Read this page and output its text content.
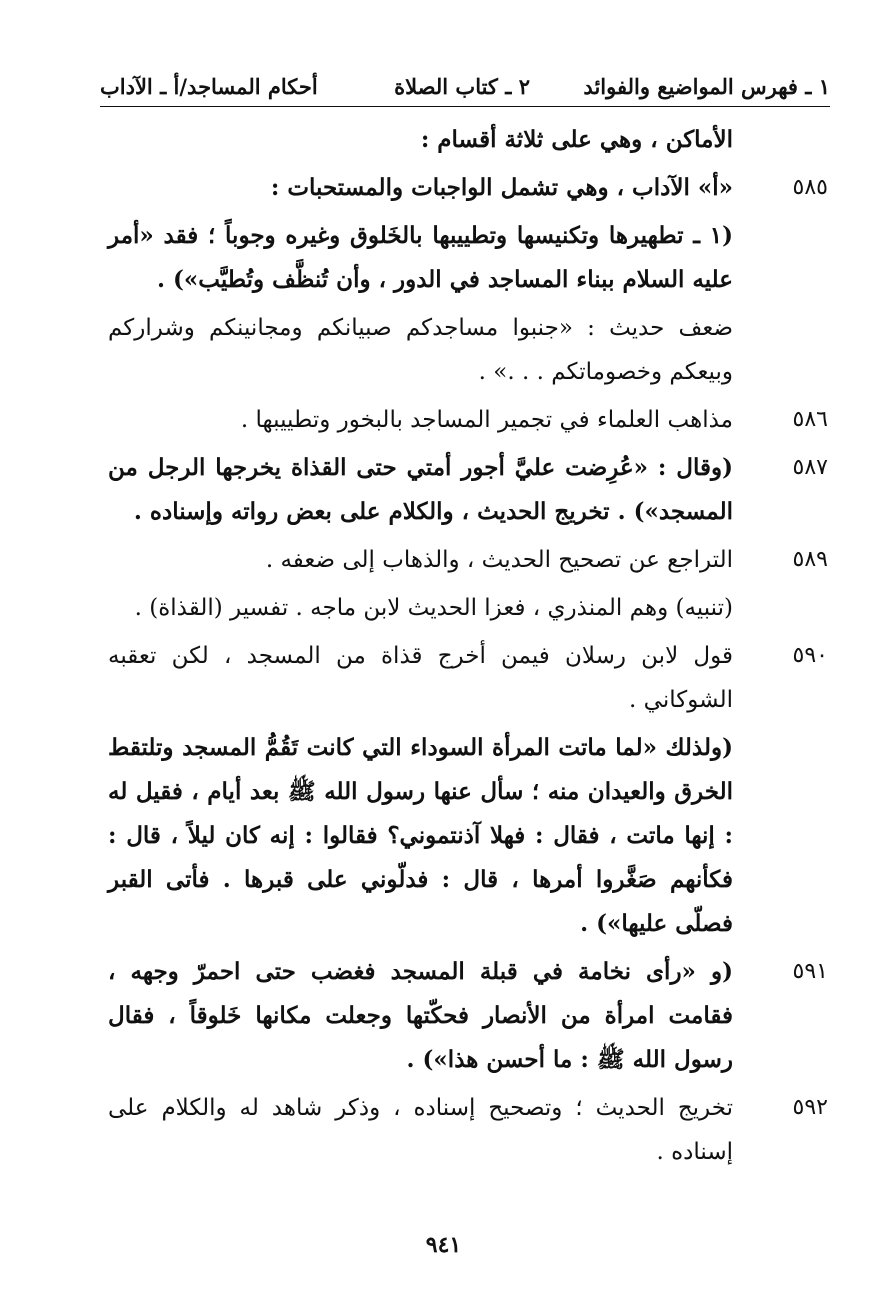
١ ـ فهرس المواضيع والفوائد
٢ ـ كتاب الصلاة
أحكام المساجد/أ ـ الآداب

الأماكن ، وهي على ثلاثة أقسام :

٥٨٥

«أ» الآداب ، وهي تشمل الواجبات والمستحبات :

(١ ـ تطهيرها وتكنيسها وتطييبها بالخَلوق وغيره وجوباً ؛ فقد «أمر عليه السلام ببناء المساجد في الدور ، وأن تُنظَّف وتُطيَّب») .

ضعف حديث : «جنبوا مساجدكم صبيانكم ومجانينكم وشراركم وبيعكم وخصوماتكم . . .» .

٥٨٦

مذاهب العلماء في تجمير المساجد بالبخور وتطييبها .

٥٨٧

(وقال : «عُرِضت عليَّ أجور أمتي حتى القذاة يخرجها الرجل من المسجد») . تخريج الحديث ، والكلام على بعض رواته وإسناده .

٥٨٩

التراجع عن تصحيح الحديث ، والذهاب إلى ضعفه .

(تنبيه) وهم المنذري ، فعزا الحديث لابن ماجه . تفسير (القذاة) .

٥٩٠

قول لابن رسلان فيمن أخرج قذاة من المسجد ، لكن تعقبه الشوكاني .

(ولذلك «لما ماتت المرأة السوداء التي كانت تَقُمُّ المسجد وتلتقط الخرق والعيدان منه ؛ سأل عنها رسول الله ﷺ بعد أيام ، فقيل له : إنها ماتت ، فقال : فهلا آذنتموني؟ فقالوا : إنه كان ليلاً ، قال : فكأنهم صَغَّروا أمرها ، قال : فدلّوني على قبرها . فأتى القبر فصلّى عليها») .

٥٩١

(و «رأى نخامة في قبلة المسجد فغضب حتى احمرّ وجهه ، فقامت امرأة من الأنصار فحكّتها وجعلت مكانها خَلوقاً ، فقال رسول الله ﷺ : ما أحسن هذا») .

٥٩٢

تخريج الحديث ؛ وتصحيح إسناده ، وذكر شاهد له والكلام على إسناده .

٩٤١
